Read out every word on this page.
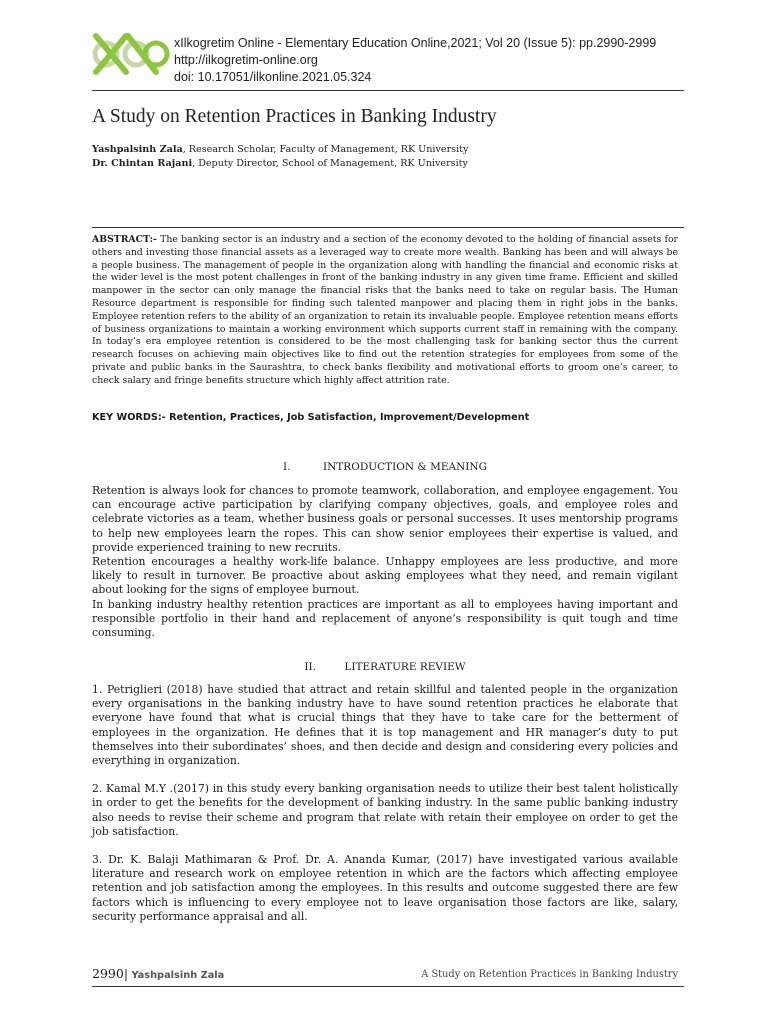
xIlkogretim Online - Elementary Education Online,2021; Vol 20 (Issue 5): pp.2990-2999
http://ilkogretim-online.org
doi: 10.17051/ilkonline.2021.05.324
A Study on Retention Practices in Banking Industry
Yashpalsinh Zala, Research Scholar, Faculty of Management, RK University
Dr. Chintan Rajani, Deputy Director, School of Management, RK University
ABSTRACT:- The banking sector is an industry and a section of the economy devoted to the holding of financial assets for others and investing those financial assets as a leveraged way to create more wealth. Banking has been and will always be a people business. The management of people in the organization along with handling the financial and economic risks at the wider level is the most potent challenges in front of the banking industry in any given time frame. Efficient and skilled manpower in the sector can only manage the financial risks that the banks need to take on regular basis. The Human Resource department is responsible for finding such talented manpower and placing them in right jobs in the banks. Employee retention refers to the ability of an organization to retain its invaluable people. Employee retention means efforts of business organizations to maintain a working environment which supports current staff in remaining with the company. In today’s era employee retention is considered to be the most challenging task for banking sector thus the current research focuses on achieving main objectives like to find out the retention strategies for employees from some of the private and public banks in the Saurashtra, to check banks flexibility and motivational efforts to groom one’s career, to check salary and fringe benefits structure which highly affect attrition rate.
KEY WORDS:- Retention, Practices, Job Satisfaction, Improvement/Development
I.	INTRODUCTION & MEANING

Retention is always look for chances to promote teamwork, collaboration, and employee engagement. You can encourage active participation by clarifying company objectives, goals, and employee roles and celebrate victories as a team, whether business goals or personal successes. It uses mentorship programs to help new employees learn the ropes. This can show senior employees their expertise is valued, and provide experienced training to new recruits.

Retention encourages a healthy work-life balance. Unhappy employees are less productive, and more likely to result in turnover. Be proactive about asking employees what they need, and remain vigilant about looking for the signs of employee burnout.

In banking industry healthy retention practices are important as all to employees having important and responsible portfolio in their hand and replacement of anyone’s responsibility is quit tough and time consuming.

II.	LITERATURE REVIEW

1. Petriglieri (2018) have studied that attract and retain skillful and talented people in the organization every organisations in the banking industry have to have sound retention practices he elaborate that everyone have found that what is crucial things that they have to take care for the betterment of employees in the organization. He defines that it is top management and HR manager’s duty to put themselves into their subordinates’ shoes, and then decide and design and considering every policies and everything in organization.

2. Kamal M.Y .(2017) in this study every banking organisation needs to utilize their best talent holistically in order to get the benefits for the development of banking industry. In the same public banking industry also needs to revise their scheme and program that relate with retain their employee on order to get the job satisfaction.

3. Dr. K. Balaji Mathimaran & Prof. Dr. A. Ananda Kumar, (2017) have investigated various available literature and research work on employee retention in which are the factors which affecting employee retention and job satisfaction among the employees. In this results and outcome suggested there are few factors which is influencing to every employee not to leave organisation those factors are like, salary, security performance appraisal and all.

2990| Yashpalsinh Zala	A Study on Retention Practices in Banking Industry
